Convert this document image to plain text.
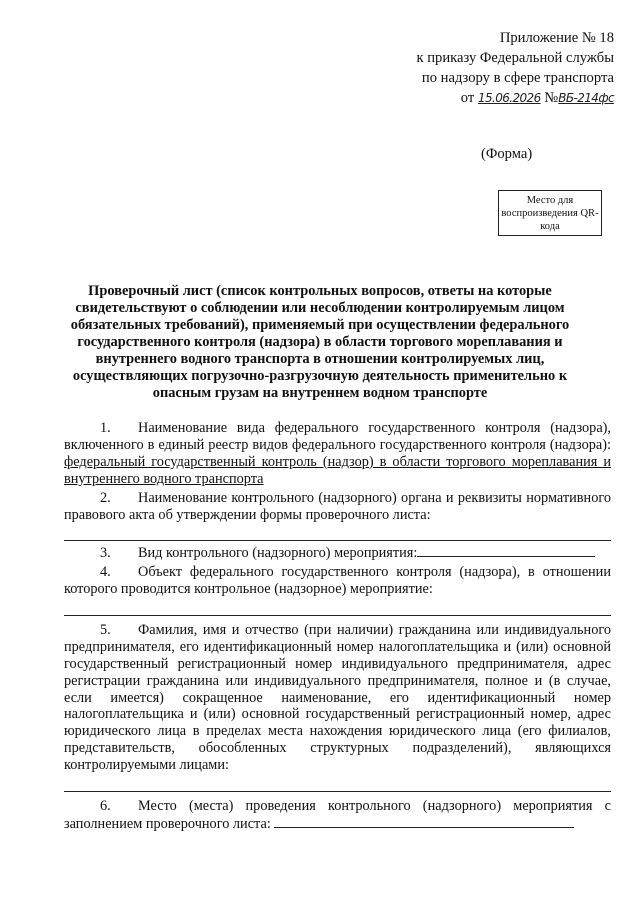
Приложение № 18
к приказу Федеральной службы
по надзору в сфере транспорта
от 15.06.2026 №ВБ-214фс
(Форма)
Место для воспроизведения QR-кода
Проверочный лист (список контрольных вопросов, ответы на которые свидетельствуют о соблюдении или несоблюдении контролируемым лицом обязательных требований), применяемый при осуществлении федерального государственного контроля (надзора) в области торгового мореплавания и внутреннего водного транспорта в отношении контролируемых лиц, осуществляющих погрузочно-разгрузочную деятельность применительно к опасным грузам на внутреннем водном транспорте

1. Наименование вида федерального государственного контроля (надзора), включенного в единый реестр видов федерального государственного контроля (надзора): федеральный государственный контроль (надзор) в области торгового мореплавания и внутреннего водного транспорта

2. Наименование контрольного (надзорного) органа и реквизиты нормативного правового акта об утверждении формы проверочного листа:

3. Вид контрольного (надзорного) мероприятия:

4. Объект федерального государственного контроля (надзора), в отношении которого проводится контрольное (надзорное) мероприятие:

5. Фамилия, имя и отчество (при наличии) гражданина или индивидуального предпринимателя, его идентификационный номер налогоплательщика и (или) основной государственный регистрационный номер индивидуального предпринимателя, адрес регистрации гражданина или индивидуального предпринимателя, полное и (в случае, если имеется) сокращенное наименование, его идентификационный номер налогоплательщика и (или) основной государственный регистрационный номер, адрес юридического лица в пределах места нахождения юридического лица (его филиалов, представительств, обособленных структурных подразделений), являющихся контролируемыми лицами:

6. Место (места) проведения контрольного (надзорного) мероприятия с заполнением проверочного листа:
